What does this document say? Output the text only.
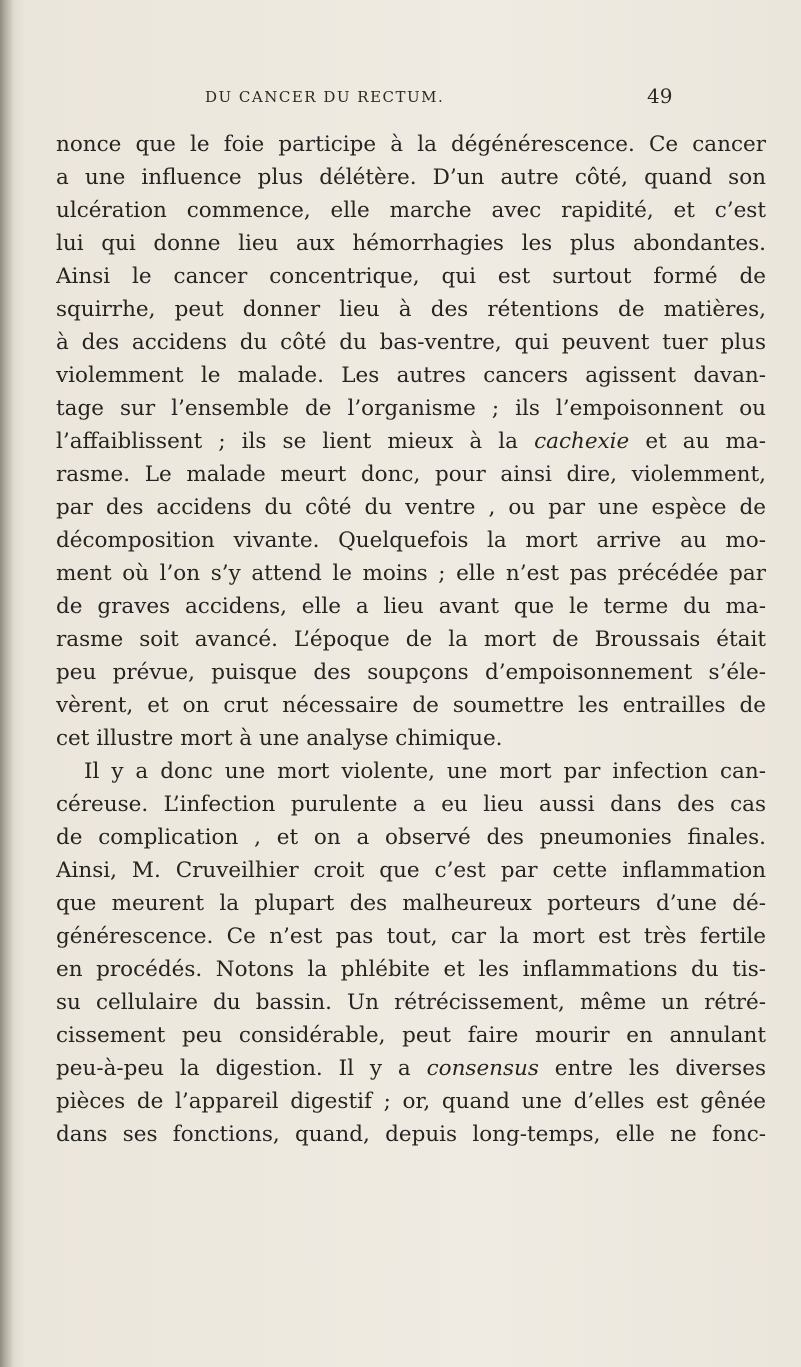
DU CANCER DU RECTUM.	49
nonce que le foie participe à la dégénérescence. Ce cancer
a une influence plus délétère. D’un autre côté, quand son
ulcération commence, elle marche avec rapidité, et c’est
lui qui donne lieu aux hémorrhagies les plus abondantes.
Ainsi le cancer concentrique, qui est surtout formé de
squirrhe, peut donner lieu à des rétentions de matières,
à des accidens du côté du bas-ventre, qui peuvent tuer plus
violemment le malade. Les autres cancers agissent davan-
tage sur l’ensemble de l’organisme ; ils l’empoisonnent ou
l’affaiblissent ; ils se lient mieux à la cachexie et au ma-
rasme. Le malade meurt donc, pour ainsi dire, violemment,
par des accidens du côté du ventre , ou par une espèce de
décomposition vivante. Quelquefois la mort arrive au mo-
ment où l’on s’y attend le moins ; elle n’est pas précédée par
de graves accidens, elle a lieu avant que le terme du ma-
rasme soit avancé. L’époque de la mort de Broussais était
peu prévue, puisque des soupçons d’empoisonnement s’éle-
vèrent, et on crut nécessaire de soumettre les entrailles de
cet illustre mort à une analyse chimique.
Il y a donc une mort violente, une mort par infection can-
céreuse. L’infection purulente a eu lieu aussi dans des cas
de complication , et on a observé des pneumonies finales.
Ainsi, M. Cruveilhier croit que c’est par cette inflammation
que meurent la plupart des malheureux porteurs d’une dé-
générescence. Ce n’est pas tout, car la mort est très fertile
en procédés. Notons la phlébite et les inflammations du tis-
su cellulaire du bassin. Un rétrécissement, même un rétré-
cissement peu considérable, peut faire mourir en annulant
peu-à-peu la digestion. Il y a consensus entre les diverses
pièces de l’appareil digestif ; or, quand une d’elles est gênée
dans ses fonctions, quand, depuis long-temps, elle ne fonc-
